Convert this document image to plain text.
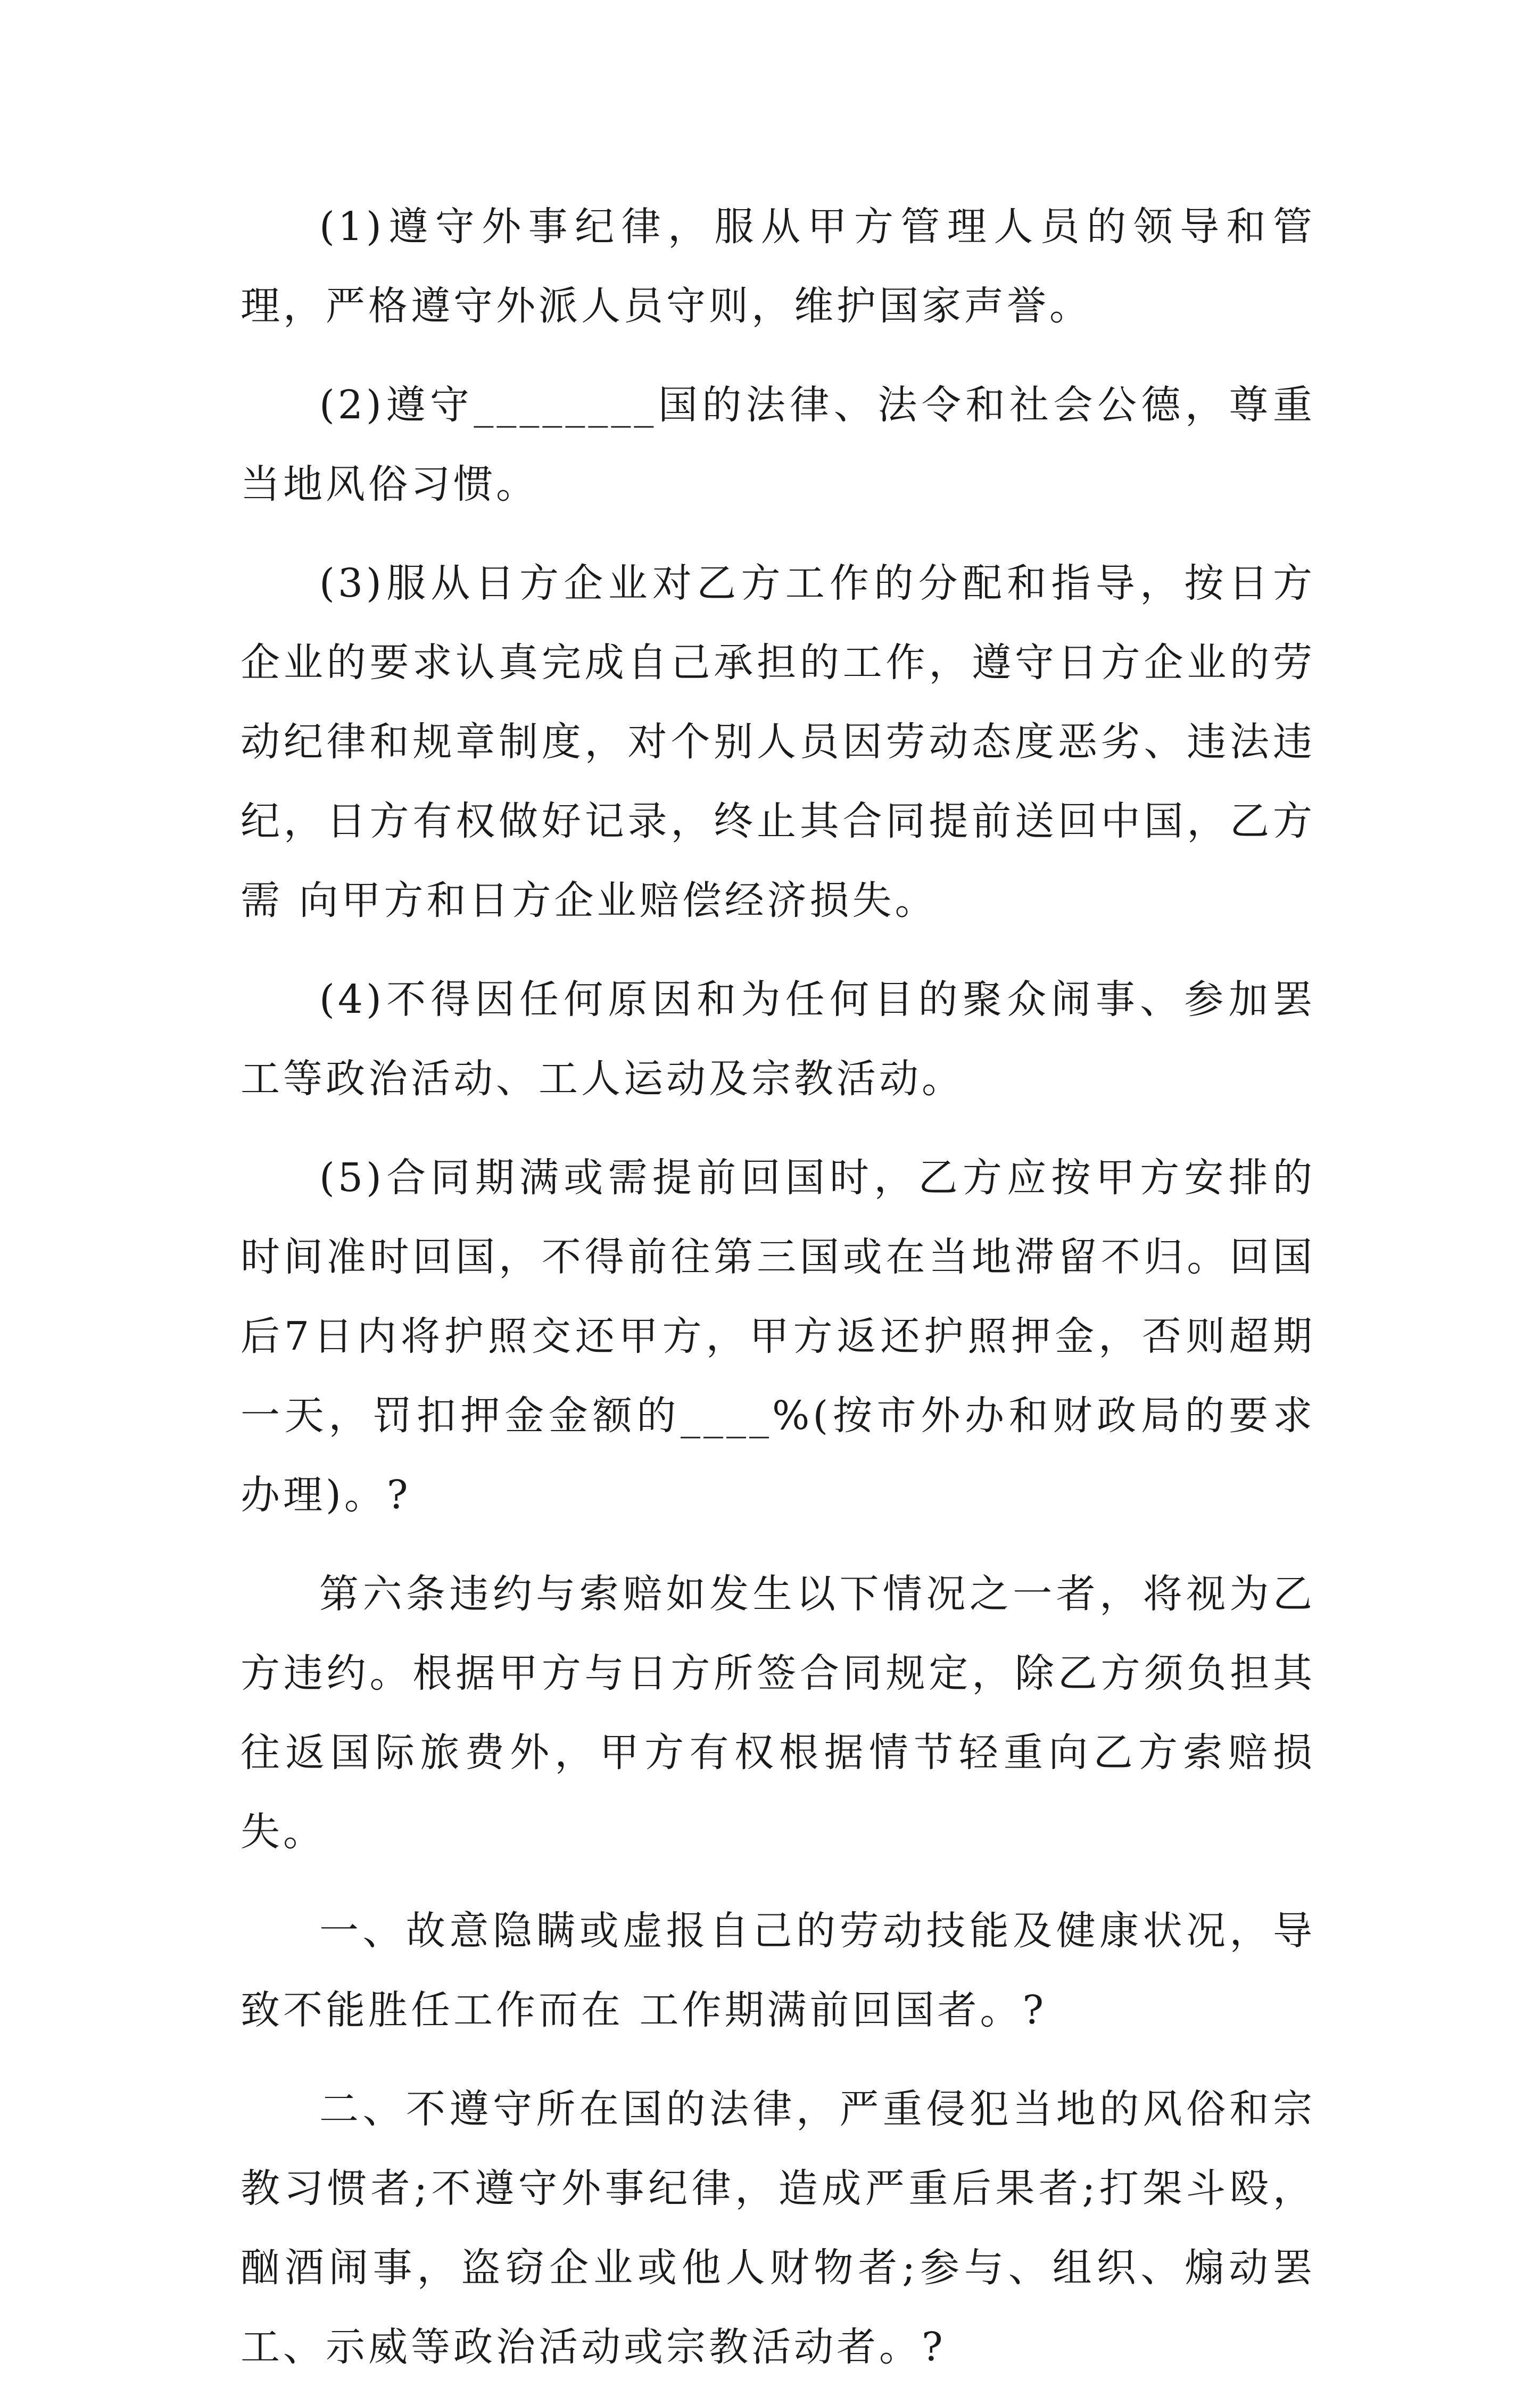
(1)遵守外事纪律，服从甲方管理人员的领导和管理，严格遵守外派人员守则，维护国家声誉。

(2)遵守________国的法律、法令和社会公德，尊重当地风俗习惯。

(3)服从日方企业对乙方工作的分配和指导，按日方企业的要求认真完成自己承担的工作，遵守日方企业的劳动纪律和规章制度，对个别人员因劳动态度恶劣、违法违纪，日方有权做好记录，终止其合同提前送回中国，乙方需 向甲方和日方企业赔偿经济损失。

(4)不得因任何原因和为任何目的聚众闹事、参加罢工等政治活动、工人运动及宗教活动。

(5)合同期满或需提前回国时，乙方应按甲方安排的时间准时回国，不得前往第三国或在当地滞留不归。回国后7日内将护照交还甲方，甲方返还护照押金，否则超期一天，罚扣押金金额的____%(按市外办和财政局的要求办理)。?

第六条违约与索赔如发生以下情况之一者，将视为乙方违约。根据甲方与日方所签合同规定，除乙方须负担其往返国际旅费外，甲方有权根据情节轻重向乙方索赔损失。

一、故意隐瞒或虚报自己的劳动技能及健康状况，导致不能胜任工作而在 工作期满前回国者。?

二、不遵守所在国的法律，严重侵犯当地的风俗和宗教习惯者;不遵守外事纪律，造成严重后果者;打架斗殴，酗酒闹事，盗窃企业或他人财物者;参与、组织、煽动罢工、示威等政治活动或宗教活动者。?
